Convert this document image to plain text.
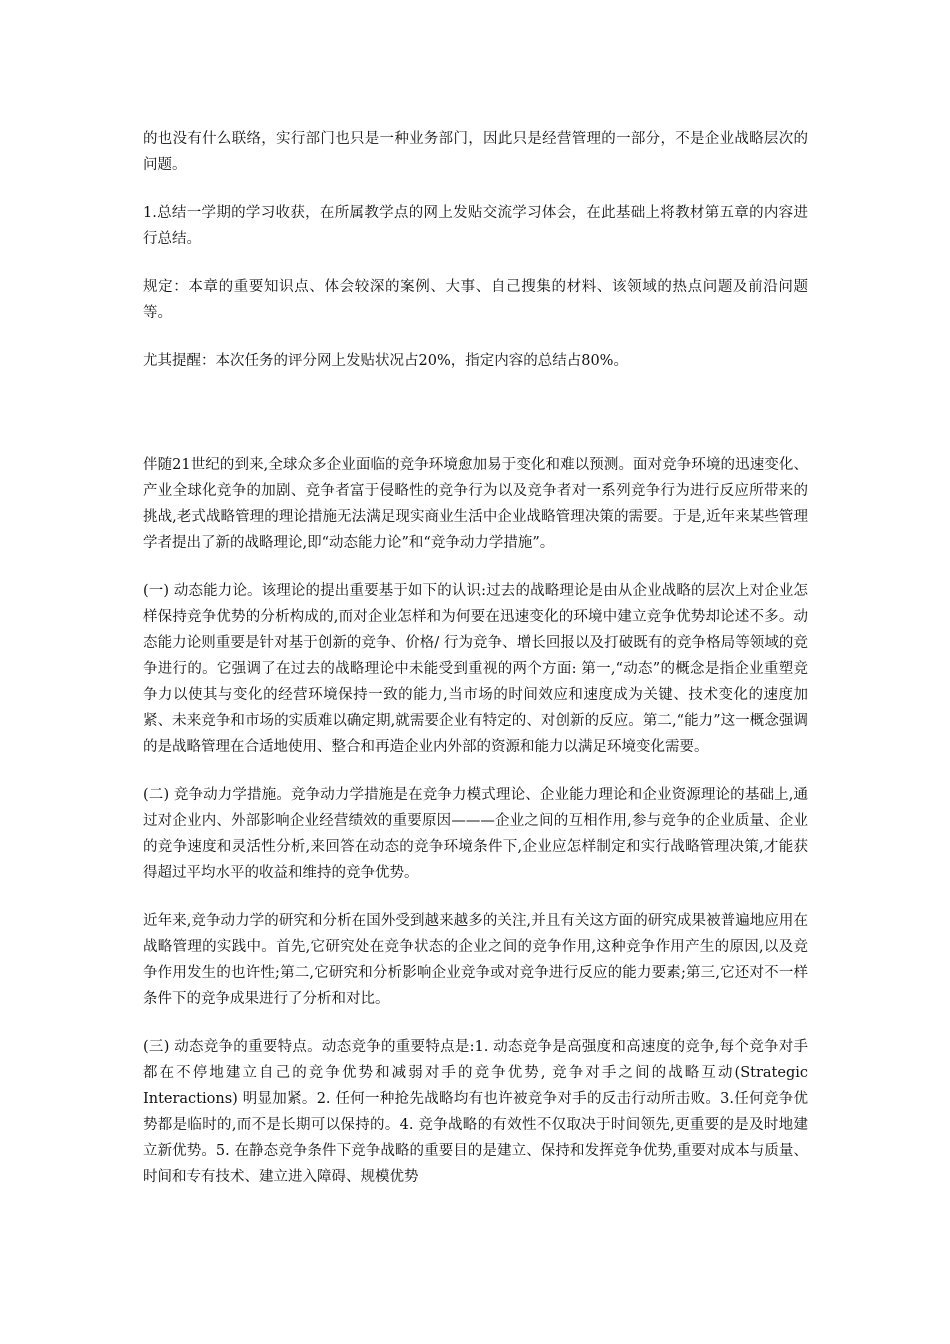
的也没有什么联络，实行部门也只是一种业务部门，因此只是经营管理的一部分，不是企业战略层次的问题。

1.总结一学期的学习收获，在所属教学点的网上发贴交流学习体会，在此基础上将教材第五章的内容进行总结。

规定：本章的重要知识点、体会较深的案例、大事、自己搜集的材料、该领域的热点问题及前沿问题等。

尤其提醒：本次任务的评分网上发贴状况占20%，指定内容的总结占80%。

伴随21世纪的到来,全球众多企业面临的竞争环境愈加易于变化和难以预测。面对竞争环境的迅速变化、产业全球化竞争的加剧、竞争者富于侵略性的竞争行为以及竞争者对一系列竞争行为进行反应所带来的挑战,老式战略管理的理论措施无法满足现实商业生活中企业战略管理决策的需要。于是,近年来某些管理学者提出了新的战略理论,即“动态能力论”和“竞争动力学措施”。

(一) 动态能力论。该理论的提出重要基于如下的认识:过去的战略理论是由从企业战略的层次上对企业怎样保持竞争优势的分析构成的,而对企业怎样和为何要在迅速变化的环境中建立竞争优势却论述不多。动态能力论则重要是针对基于创新的竞争、价格/ 行为竞争、增长回报以及打破既有的竞争格局等领域的竞争进行的。它强调了在过去的战略理论中未能受到重视的两个方面: 第一,“动态”的概念是指企业重塑竞争力以使其与变化的经营环境保持一致的能力,当市场的时间效应和速度成为关键、技术变化的速度加紧、未来竞争和市场的实质难以确定期,就需要企业有特定的、对创新的反应。第二,“能力”这一概念强调的是战略管理在合适地使用、整合和再造企业内外部的资源和能力以满足环境变化需要。

(二) 竞争动力学措施。竞争动力学措施是在竞争力模式理论、企业能力理论和企业资源理论的基础上,通过对企业内、外部影响企业经营绩效的重要原因———企业之间的互相作用,参与竞争的企业质量、企业的竞争速度和灵活性分析,来回答在动态的竞争环境条件下,企业应怎样制定和实行战略管理决策,才能获得超过平均水平的收益和维持的竞争优势。

近年来,竞争动力学的研究和分析在国外受到越来越多的关注,并且有关这方面的研究成果被普遍地应用在战略管理的实践中。首先,它研究处在竞争状态的企业之间的竞争作用,这种竞争作用产生的原因,以及竞争作用发生的也许性;第二,它研究和分析影响企业竞争或对竞争进行反应的能力要素;第三,它还对不一样条件下的竞争成果进行了分析和对比。

(三) 动态竞争的重要特点。动态竞争的重要特点是:1. 动态竞争是高强度和高速度的竞争,每个竞争对手都在不停地建立自己的竞争优势和减弱对手的竞争优势, 竞争对手之间的战略互动(Strategic Interactions) 明显加紧。2. 任何一种抢先战略均有也许被竞争对手的反击行动所击败。3.任何竞争优势都是临时的,而不是长期可以保持的。4. 竞争战略的有效性不仅取决于时间领先,更重要的是及时地建立新优势。5. 在静态竞争条件下竞争战略的重要目的是建立、保持和发挥竞争优势,重要对成本与质量、时间和专有技术、建立进入障碍、规模优势
